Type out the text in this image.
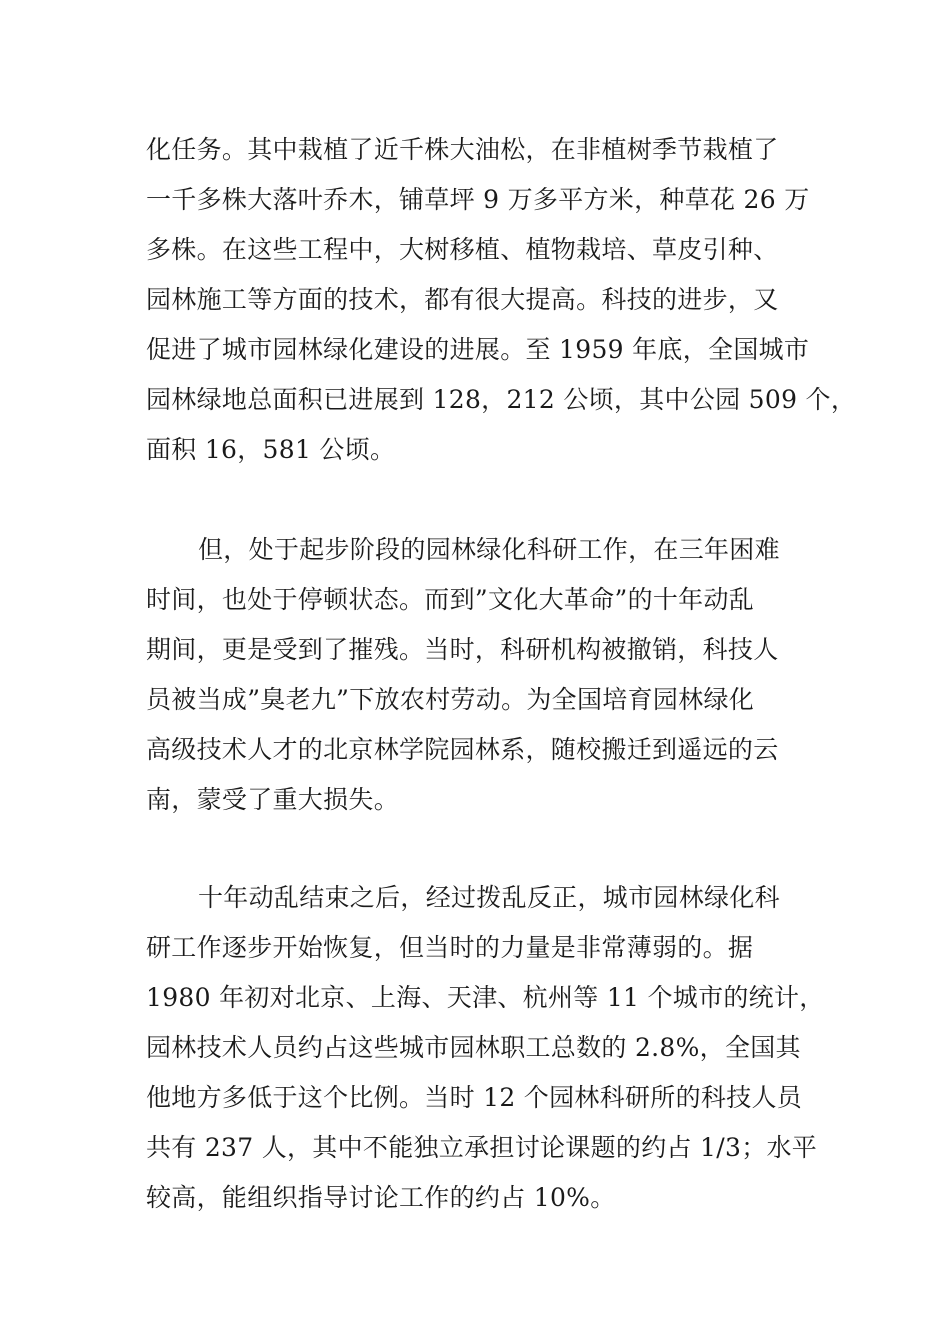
化任务。其中栽植了近千株大油松，在非植树季节栽植了
一千多株大落叶乔木，铺草坪 9 万多平方米，种草花 26 万
多株。在这些工程中，大树移植、植物栽培、草皮引种、
园林施工等方面的技术，都有很大提高。科技的进步，又
促进了城市园林绿化建设的进展。至 1959 年底，全国城市
园林绿地总面积已进展到 128，212 公顷，其中公园 509 个，
面积 16，581 公顷。
但，处于起步阶段的园林绿化科研工作，在三年困难
时间，也处于停顿状态。而到”文化大革命”的十年动乱
期间，更是受到了摧残。当时，科研机构被撤销，科技人
员被当成”臭老九”下放农村劳动。为全国培育园林绿化
高级技术人才的北京林学院园林系，随校搬迁到遥远的云
南，蒙受了重大损失。
十年动乱结束之后，经过拨乱反正，城市园林绿化科
研工作逐步开始恢复，但当时的力量是非常薄弱的。据
1980 年初对北京、上海、天津、杭州等 11 个城市的统计，
园林技术人员约占这些城市园林职工总数的 2.8%，全国其
他地方多低于这个比例。当时 12 个园林科研所的科技人员
共有 237 人，其中不能独立承担讨论课题的约占 1/3；水平
较高，能组织指导讨论工作的约占 10%。
